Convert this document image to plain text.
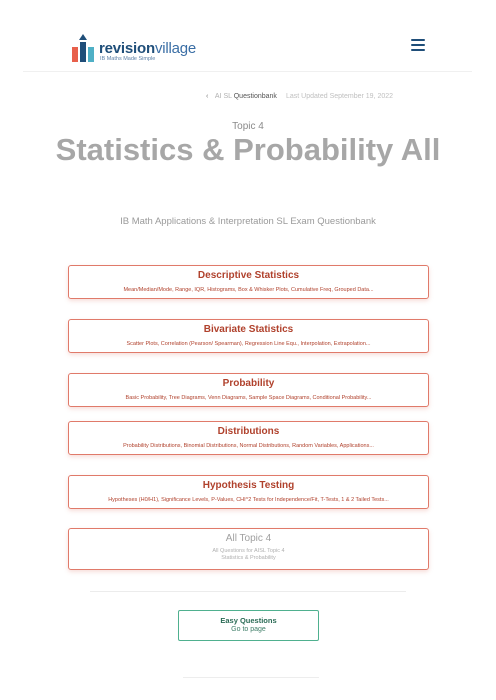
revisionvillage
IB Maths Made Simple
‹ AI SL Questionbank Last Updated September 19, 2022
Topic 4
Statistics & Probability All
IB Math Applications & Interpretation SL Exam Questionbank
Descriptive Statistics
Mean/Median/Mode, Range, IQR, Histograms, Box & Whisker Plots, Cumulative Freq, Grouped Data...
Bivariate Statistics
Scatter Plots, Correlation (Pearson/ Spearman), Regression Line Equ., Interpolation, Extrapolation...
Probability
Basic Probability, Tree Diagrams, Venn Diagrams, Sample Space Diagrams, Conditional Probability...
Distributions
Probability Distributions, Binomial Distributions, Normal Distributions, Random Variables, Applications...
Hypothesis Testing
Hypotheses (H0/H1), Significance Levels, P-Values, CHI^2 Tests for Independence/Fit, T-Tests, 1 & 2 Tailed Tests...
All Topic 4
All Questions for AISL Topic 4 Statistics & Probability
Easy Questions
Go to page
